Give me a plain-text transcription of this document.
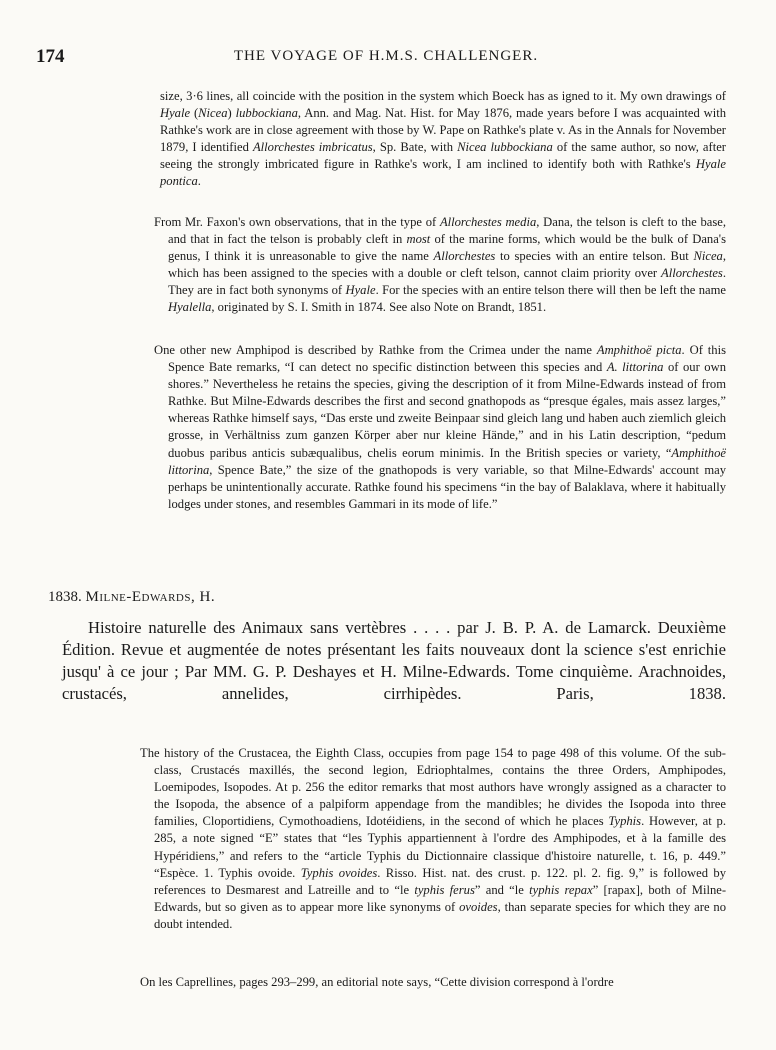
174	THE VOYAGE OF H.M.S. CHALLENGER.

size, 3·6 lines, all coincide with the position in the system which Boeck has as igned to it. My own drawings of Hyale (Nicea) lubbockiana, Ann. and Mag. Nat. Hist. for May 1876, made years before I was acquainted with Rathke's work are in close agreement with those by W. Pape on Rathke's plate v. As in the Annals for November 1879, I identified Allorchestes imbricatus, Sp. Bate, with Nicea lubbockiana of the same author, so now, after seeing the strongly imbricated figure in Rathke's work, I am inclined to identify both with Rathke's Hyale pontica.

From Mr. Faxon's own observations, that in the type of Allorchestes media, Dana, the telson is cleft to the base, and that in fact the telson is probably cleft in most of the marine forms, which would be the bulk of Dana's genus, I think it is unreasonable to give the name Allorchestes to species with an entire telson. But Nicea, which has been assigned to the species with a double or cleft telson, cannot claim priority over Allorchestes. They are in fact both synonyms of Hyale. For the species with an entire telson there will then be left the name Hyalella, originated by S. I. Smith in 1874. See also Note on Brandt, 1851.

One other new Amphipod is described by Rathke from the Crimea under the name Amphithoë picta. Of this Spence Bate remarks, “I can detect no specific distinction between this species and A. littorina of our own shores.” Nevertheless he retains the species, giving the description of it from Milne-Edwards instead of from Rathke. But Milne-Edwards describes the first and second gnathopods as “presque égales, mais assez larges,” whereas Rathke himself says, “Das erste und zweite Beinpaar sind gleich lang und haben auch ziemlich gleich grosse, in Verhältniss zum ganzen Körper aber nur kleine Hände,” and in his Latin description, “pedum duobus paribus anticis subæqualibus, chelis eorum minimis. In the British species or variety, “Amphithoë littorina, Spence Bate,” the size of the gnathopods is very variable, so that Milne-Edwards' account may perhaps be unintentionally accurate. Rathke found his specimens “in the bay of Balaklava, where it habitually lodges under stones, and resembles Gammari in its mode of life.”

1838. Milne-Edwards, H.

Histoire naturelle des Animaux sans vertèbres . . . . par J. B. P. A. de Lamarck. Deuxième Édition. Revue et augmentée de notes présentant les faits nouveaux dont la science s'est enrichie jusqu' à ce jour ; Par MM. G. P. Deshayes et H. Milne-Edwards. Tome cinquième. Arachnoides, crustacés, annelides, cirrhipèdes. Paris, 1838.

The history of the Crustacea, the Eighth Class, occupies from page 154 to page 498 of this volume. Of the sub-class, Crustacés maxillés, the second legion, Edriophtalmes, contains the three Orders, Amphipodes, Loemipodes, Isopodes. At p. 256 the editor remarks that most authors have wrongly assigned as a character to the Isopoda, the absence of a palpiform appendage from the mandibles; he divides the Isopoda into three families, Cloportidiens, Cymothoadiens, Idotéidiens, in the second of which he places Typhis. However, at p. 285, a note signed “E” states that “les Typhis appartiennent à l'ordre des Amphipodes, et à la famille des Hypéridiens,” and refers to the “article Typhis du Dictionnaire classique d'histoire naturelle, t. 16, p. 449.” “Espèce. 1. Typhis ovoide. Typhis ovoides. Risso. Hist. nat. des crust. p. 122. pl. 2. fig. 9,” is followed by references to Desmarest and Latreille and to “le typhis ferus” and “le typhis repax” [rapax], both of Milne-Edwards, but so given as to appear more like synonyms of ovoides, than separate species for which they are no doubt intended.

On les Caprellines, pages 293–299, an editorial note says, “Cette division correspond à l'ordre
